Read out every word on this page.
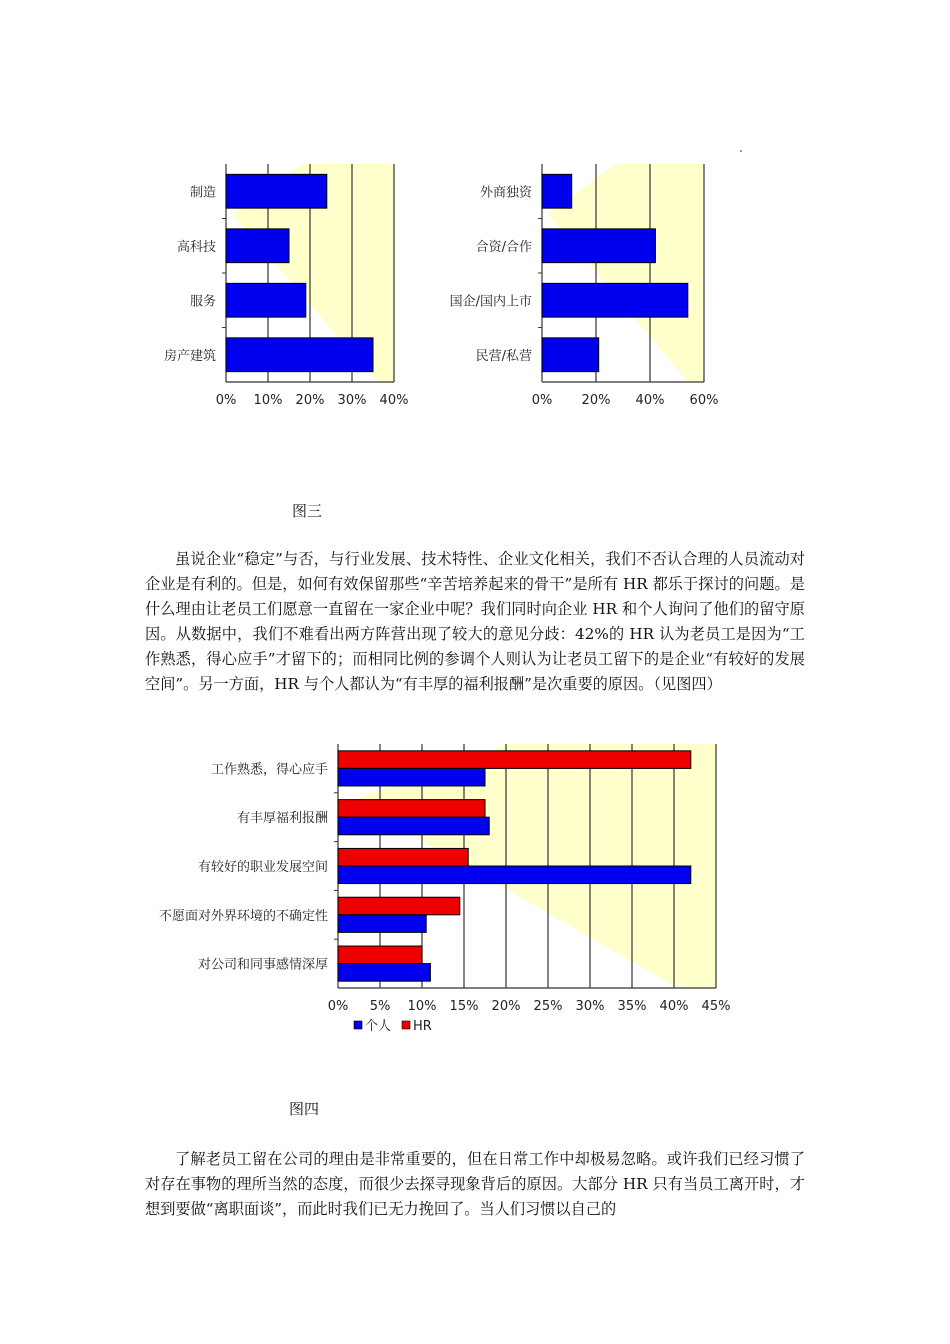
0% 10% 20% 30% 40%
制造
高科技
服务
房产建筑
0% 20% 40% 60%
外商独资
合资/合作
国企/国内上市
民营/私营
图三

虽说企业“稳定”与否，与行业发展、技术特性、企业文化相关，我们不否认合理的人员流动对企业是有利的。但是，如何有效保留那些“辛苦培养起来的骨干”是所有 HR 都乐于探讨的问题。是什么理由让老员工们愿意一直留在一家企业中呢？我们同时向企业 HR 和个人询问了他们的留守原因。从数据中，我们不难看出两方阵营出现了较大的意见分歧：42%的 HR 认为老员工是因为“工作熟悉，得心应手”才留下的；而相同比例的参调个人则认为让老员工留下的是企业“有较好的发展空间”。另一方面，HR 与个人都认为“有丰厚的福利报酬”是次重要的原因。（见图四）

0% 5% 10% 15% 20% 25% 30% 35% 40% 45%
工作熟悉，得心应手
有丰厚福利报酬
有较好的职业发展空间
不愿面对外界环境的不确定性
对公司和同事感情深厚
个人 HR
图四

了解老员工留在公司的理由是非常重要的，但在日常工作中却极易忽略。或许我们已经习惯了对存在事物的理所当然的态度，而很少去探寻现象背后的原因。大部分 HR 只有当员工离开时，才想到要做“离职面谈”，而此时我们已无力挽回了。当人们习惯以自己的
